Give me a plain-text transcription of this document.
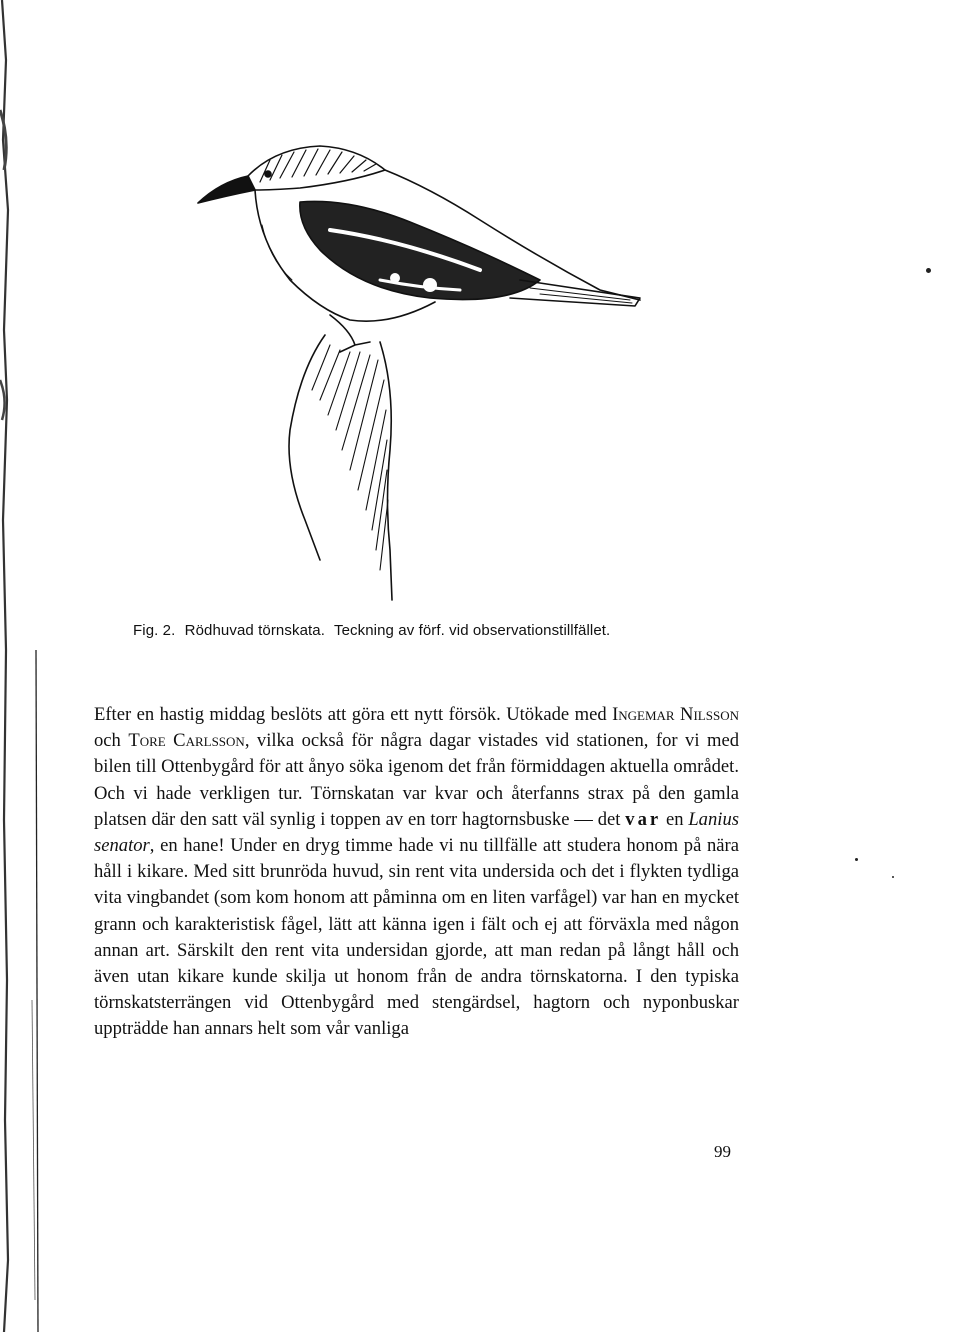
Fig. 2. Rödhuvad törnskata. Teckning av förf. vid observationstillfället.

Efter en hastig middag beslöts att göra ett nytt försök. Utökade med Ingemar Nilsson och Tore Carlsson, vilka också för några dagar vistades vid stationen, for vi med bilen till Ottenbygård för att ånyo söka igenom det från förmiddagen aktuella området. Och vi hade verkligen tur. Törnskatan var kvar och återfanns strax på den gamla platsen där den satt väl synlig i toppen av en torr hagtornsbuske — det var en Lanius senator, en hane! Under en dryg timme hade vi nu tillfälle att studera honom på nära håll i kikare. Med sitt brunröda huvud, sin rent vita undersida och det i flykten tydliga vita vingbandet (som kom honom att påminna om en liten varfågel) var han en mycket grann och karakteristisk fågel, lätt att känna igen i fält och ej att förväxla med någon annan art. Särskilt den rent vita undersidan gjorde, att man redan på långt håll och även utan kikare kunde skilja ut honom från de andra törnskatorna. I den typiska törnskatsterrängen vid Ottenbygård med stengärdsel, hagtorn och nyponbuskar uppträdde han annars helt som vår vanliga

99
